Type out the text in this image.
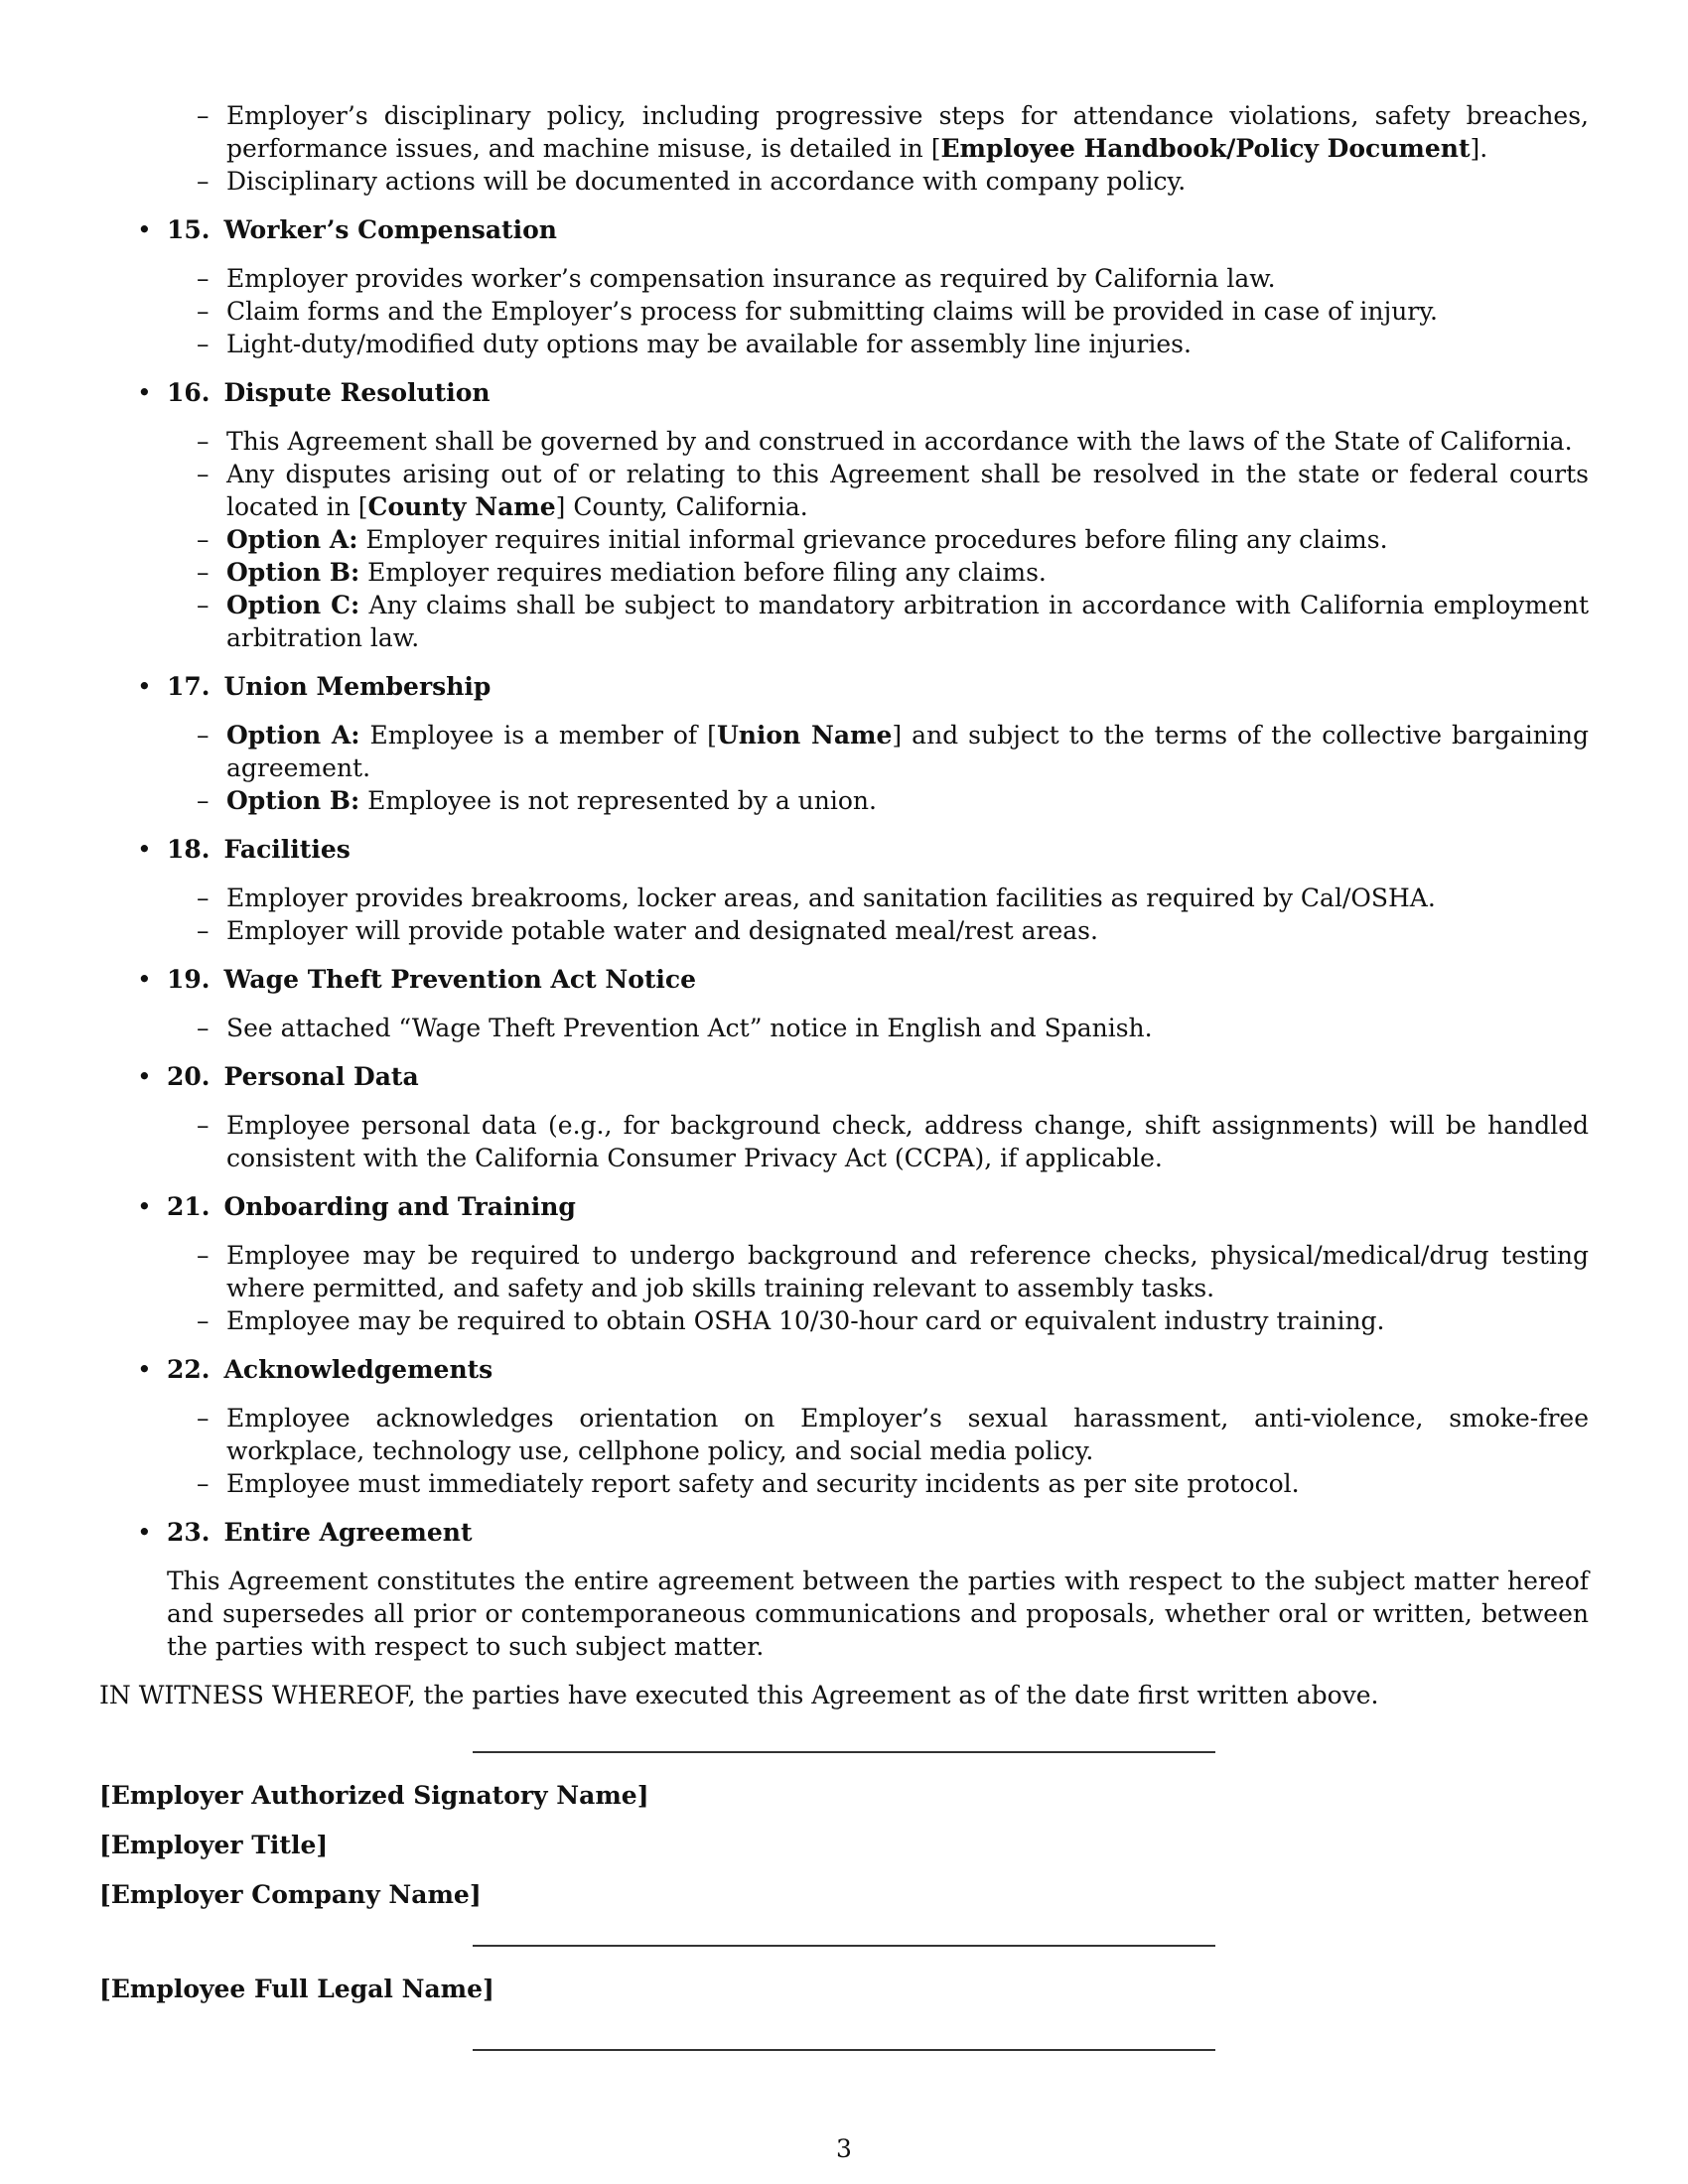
– Employer’s disciplinary policy, including progressive steps for attendance violations, safety breaches, performance issues, and machine misuse, is detailed in [Employee Handbook/Policy Document].
– Disciplinary actions will be documented in accordance with company policy.
• 15. Worker’s Compensation
– Employer provides worker’s compensation insurance as required by California law.
– Claim forms and the Employer’s process for submitting claims will be provided in case of injury.
– Light-duty/modified duty options may be available for assembly line injuries.
• 16. Dispute Resolution
– This Agreement shall be governed by and construed in accordance with the laws of the State of California.
– Any disputes arising out of or relating to this Agreement shall be resolved in the state or federal courts located in [County Name] County, California.
– Option A: Employer requires initial informal grievance procedures before filing any claims.
– Option B: Employer requires mediation before filing any claims.
– Option C: Any claims shall be subject to mandatory arbitration in accordance with California employment arbitration law.
• 17. Union Membership
– Option A: Employee is a member of [Union Name] and subject to the terms of the collective bargaining agreement.
– Option B: Employee is not represented by a union.
• 18. Facilities
– Employer provides breakrooms, locker areas, and sanitation facilities as required by Cal/OSHA.
– Employer will provide potable water and designated meal/rest areas.
• 19. Wage Theft Prevention Act Notice
– See attached “Wage Theft Prevention Act” notice in English and Spanish.
• 20. Personal Data
– Employee personal data (e.g., for background check, address change, shift assignments) will be handled consistent with the California Consumer Privacy Act (CCPA), if applicable.
• 21. Onboarding and Training
– Employee may be required to undergo background and reference checks, physical/medical/drug testing where permitted, and safety and job skills training relevant to assembly tasks.
– Employee may be required to obtain OSHA 10/30-hour card or equivalent industry training.
• 22. Acknowledgements
– Employee acknowledges orientation on Employer’s sexual harassment, anti-violence, smoke-free workplace, technology use, cellphone policy, and social media policy.
– Employee must immediately report safety and security incidents as per site protocol.
• 23. Entire Agreement
This Agreement constitutes the entire agreement between the parties with respect to the subject matter hereof and supersedes all prior or contemporaneous communications and proposals, whether oral or written, between the parties with respect to such subject matter.
IN WITNESS WHEREOF, the parties have executed this Agreement as of the date first written above.
[Employer Authorized Signatory Name]
[Employer Title]
[Employer Company Name]
[Employee Full Legal Name]
3
